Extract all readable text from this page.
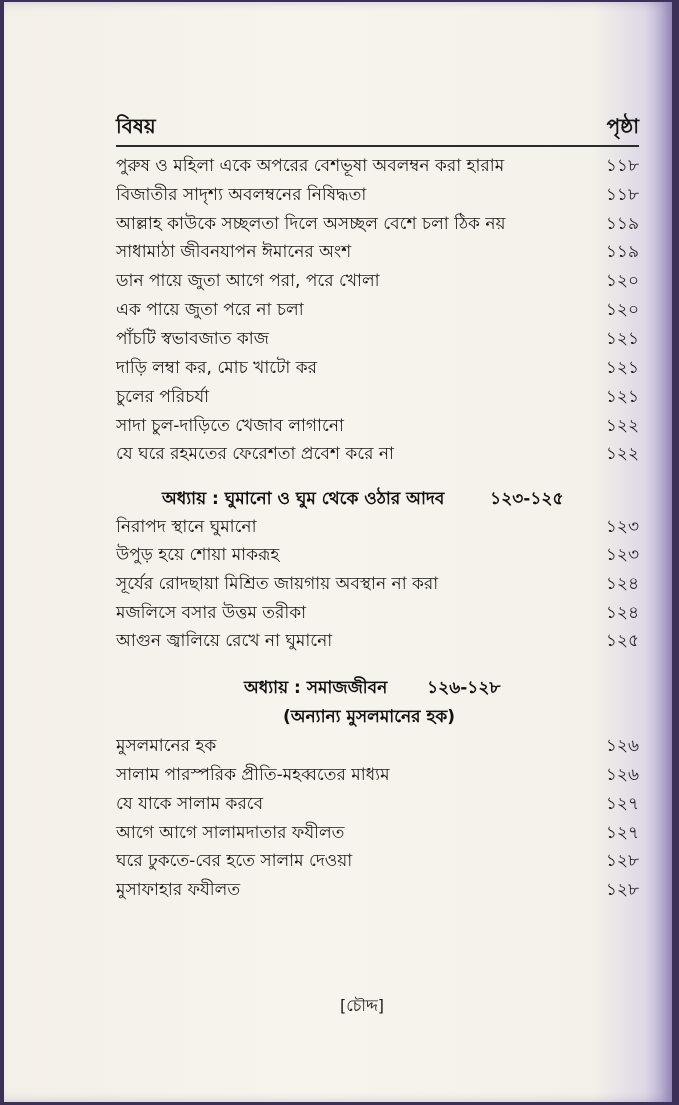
বিষয়	পৃষ্ঠা
পুরুষ ও মহিলা একে অপরের বেশভূষা অবলম্বন করা হারাম	১১৮
বিজাতীর সাদৃশ্য অবলম্বনের নিষিদ্ধতা	১১৮
আল্লাহ কাউকে সচ্ছলতা দিলে অসচ্ছল বেশে চলা ঠিক নয়	১১৯
সাধামাঠা জীবনযাপন ঈমানের অংশ	১১৯
ডান পায়ে জুতা আগে পরা, পরে খোলা	১২০
এক পায়ে জুতা পরে না চলা	১২০
পাঁচটি স্বভাবজাত কাজ	১২১
দাড়ি লম্বা কর, মোচ খাটো কর	১২১
চুলের পরিচর্যা	১২১
সাদা চুল-দাড়িতে খেজাব লাগানো	১২২
যে ঘরে রহমতের ফেরেশতা প্রবেশ করে না	১২২
অধ্যায় : ঘুমানো ও ঘুম থেকে ওঠার আদব	১২৩-১২৫
নিরাপদ স্থানে ঘুমানো	১২৩
উপুড় হয়ে শোয়া মাকরূহ	১২৩
সূর্যের রোদছায়া মিশ্রিত জায়গায় অবস্থান না করা	১২৪
মজলিসে বসার উত্তম তরীকা	১২৪
আগুন জ্বালিয়ে রেখে না ঘুমানো	১২৫
অধ্যায় : সমাজজীবন ১২৬-১২৮
(অন্যান্য মুসলমানের হক)
মুসলমানের হক	১২৬
সালাম পারস্পরিক প্রীতি-মহব্বতের মাধ্যম	১২৬
যে যাকে সালাম করবে	১২৭
আগে আগে সালামদাতার ফযীলত	১২৭
ঘরে ঢুকতে-বের হতে সালাম দেওয়া	১২৮
মুসাফাহার ফযীলত	১২৮
[চৌদ্দ]
